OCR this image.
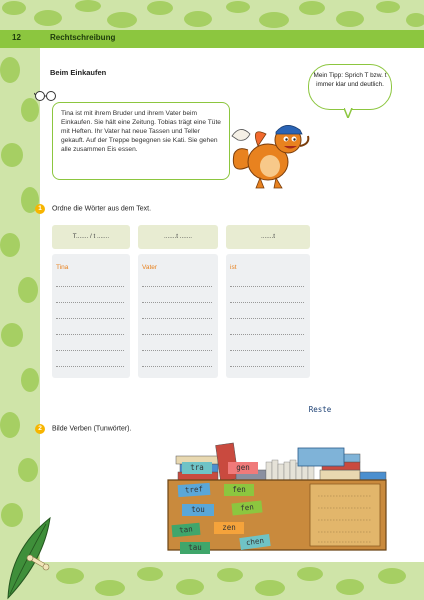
12	Rechtschreibung
Beim Einkaufen
Tina ist mit ihrem Bruder und ihrem Vater beim Einkaufen. Sie hält eine Zeitung. Tobias trägt eine Tüte mit Heften. Ihr Vater hat neue Tassen und Teller gekauft. Auf der Treppe begegnen sie Kati. Sie gehen alle zusammen Eis essen.
Mein Tipp: Sprich T bzw. t immer klar und deutlich.
1 Ordne die Wörter aus dem Text.
T....... / t .......	.......t .......	.......t
Tina	Vater	ist
2 Bilde Verben (Tunwörter).
Reste
tra	gen
tref	fen
tou	fen
zen
tan
chen
tau
